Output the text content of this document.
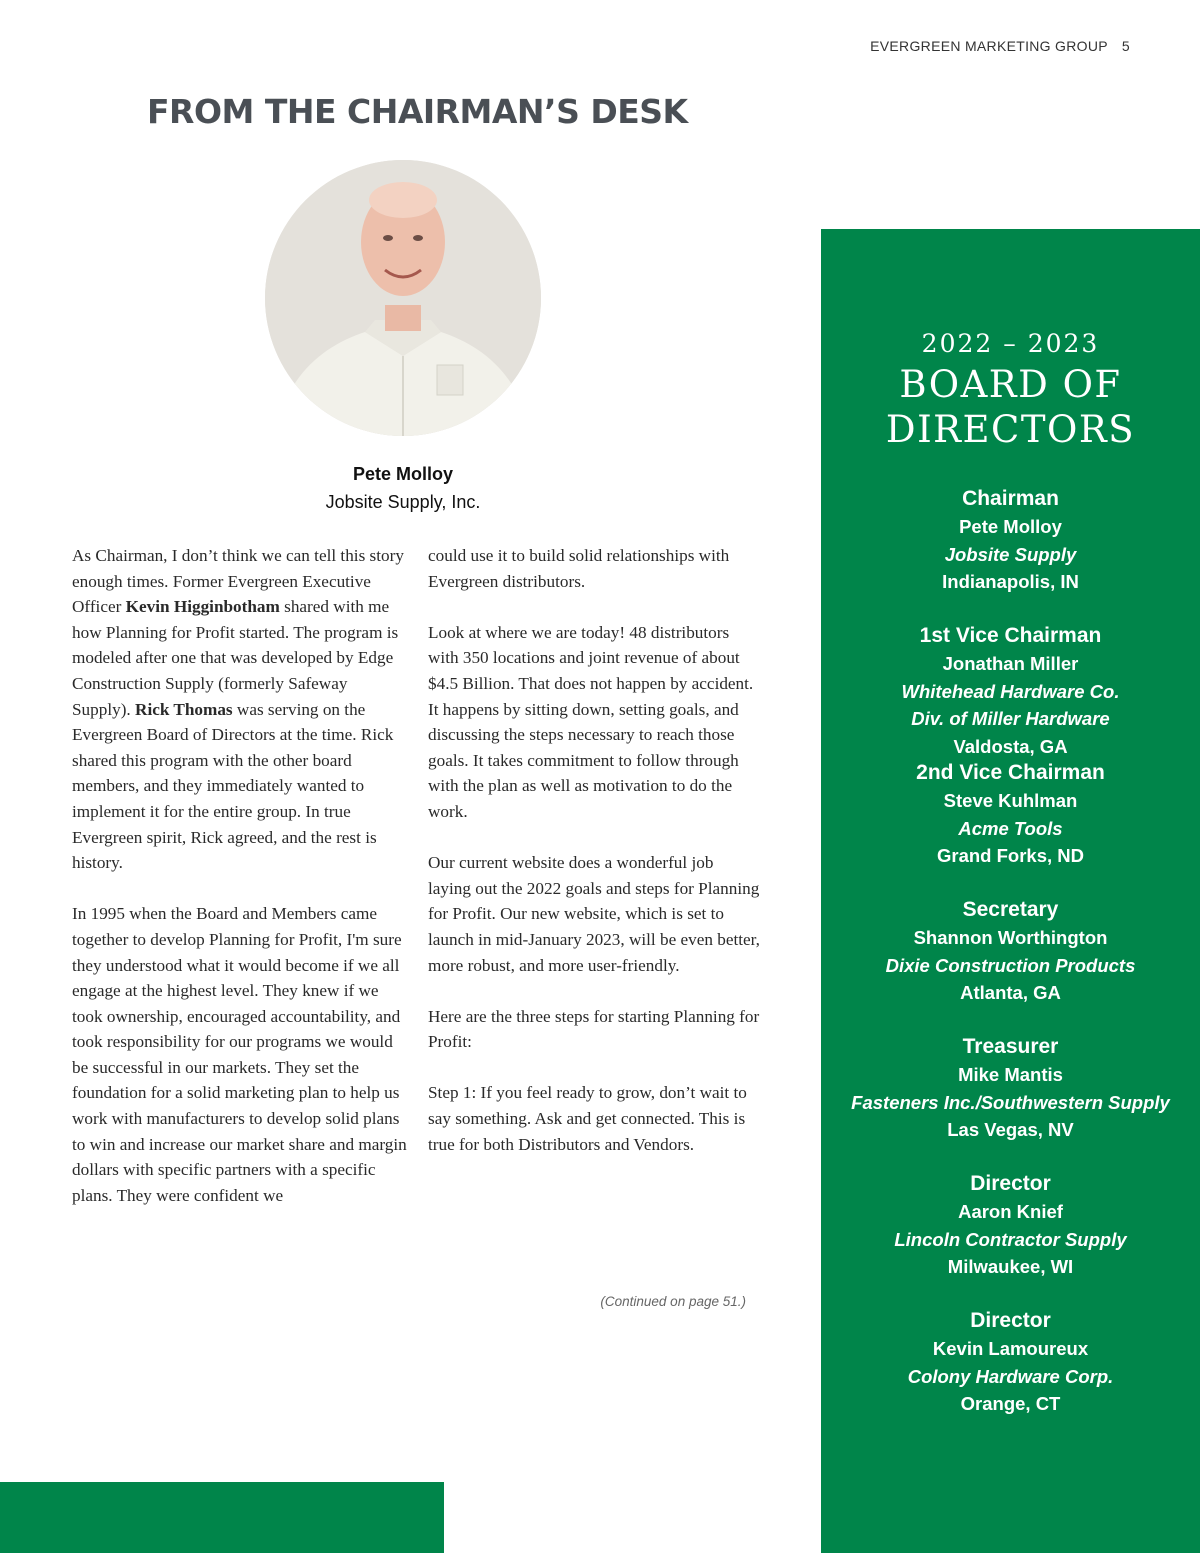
EVERGREEN MARKETING GROUP 5
FROM THE CHAIRMAN’S DESK
Pete Molloy
Jobsite Supply, Inc.

As Chairman, I don’t think we can tell this story enough times. Former Evergreen Executive Officer Kevin Higginbotham shared with me how Planning for Profit started. The program is modeled after one that was developed by Edge Construction Supply (formerly Safeway Supply). Rick Thomas was serving on the Evergreen Board of Directors at the time. Rick shared this program with the other board members, and they immediately wanted to implement it for the entire group. In true Evergreen spirit, Rick agreed, and the rest is history.

In 1995 when the Board and Members came together to develop Planning for Profit, I'm sure they understood what it would become if we all engage at the highest level. They knew if we took ownership, encouraged accountability, and took responsibility for our programs we would be successful in our markets. They set the foundation for a solid marketing plan to help us work with manufacturers to develop solid plans to win and increase our market share and margin dollars with specific partners with a specific plans. They were confident we

could use it to build solid relationships with Evergreen distributors.

Look at where we are today! 48 distributors with 350 locations and joint revenue of about $4.5 Billion. That does not happen by accident. It happens by sitting down, setting goals, and discussing the steps necessary to reach those goals. It takes commitment to follow through with the plan as well as motivation to do the work.

Our current website does a wonderful job laying out the 2022 goals and steps for Planning for Profit. Our new website, which is set to launch in mid-January 2023, will be even better, more robust, and more user-friendly.

Here are the three steps for starting Planning for Profit:

Step 1: If you feel ready to grow, don’t wait to say something. Ask and get connected. This is true for both Distributors and Vendors.

(Continued on page 51.)
2022 – 2023
BOARD OF
DIRECTORS
Chairman
Pete Molloy
Jobsite Supply
Indianapolis, IN
1st Vice Chairman
Jonathan Miller
Whitehead Hardware Co.
Div. of Miller Hardware
Valdosta, GA
2nd Vice Chairman
Steve Kuhlman
Acme Tools
Grand Forks, ND
Secretary
Shannon Worthington
Dixie Construction Products
Atlanta, GA
Treasurer
Mike Mantis
Fasteners Inc./Southwestern Supply
Las Vegas, NV
Director
Aaron Knief
Lincoln Contractor Supply
Milwaukee, WI
Director
Kevin Lamoureux
Colony Hardware Corp.
Orange, CT
